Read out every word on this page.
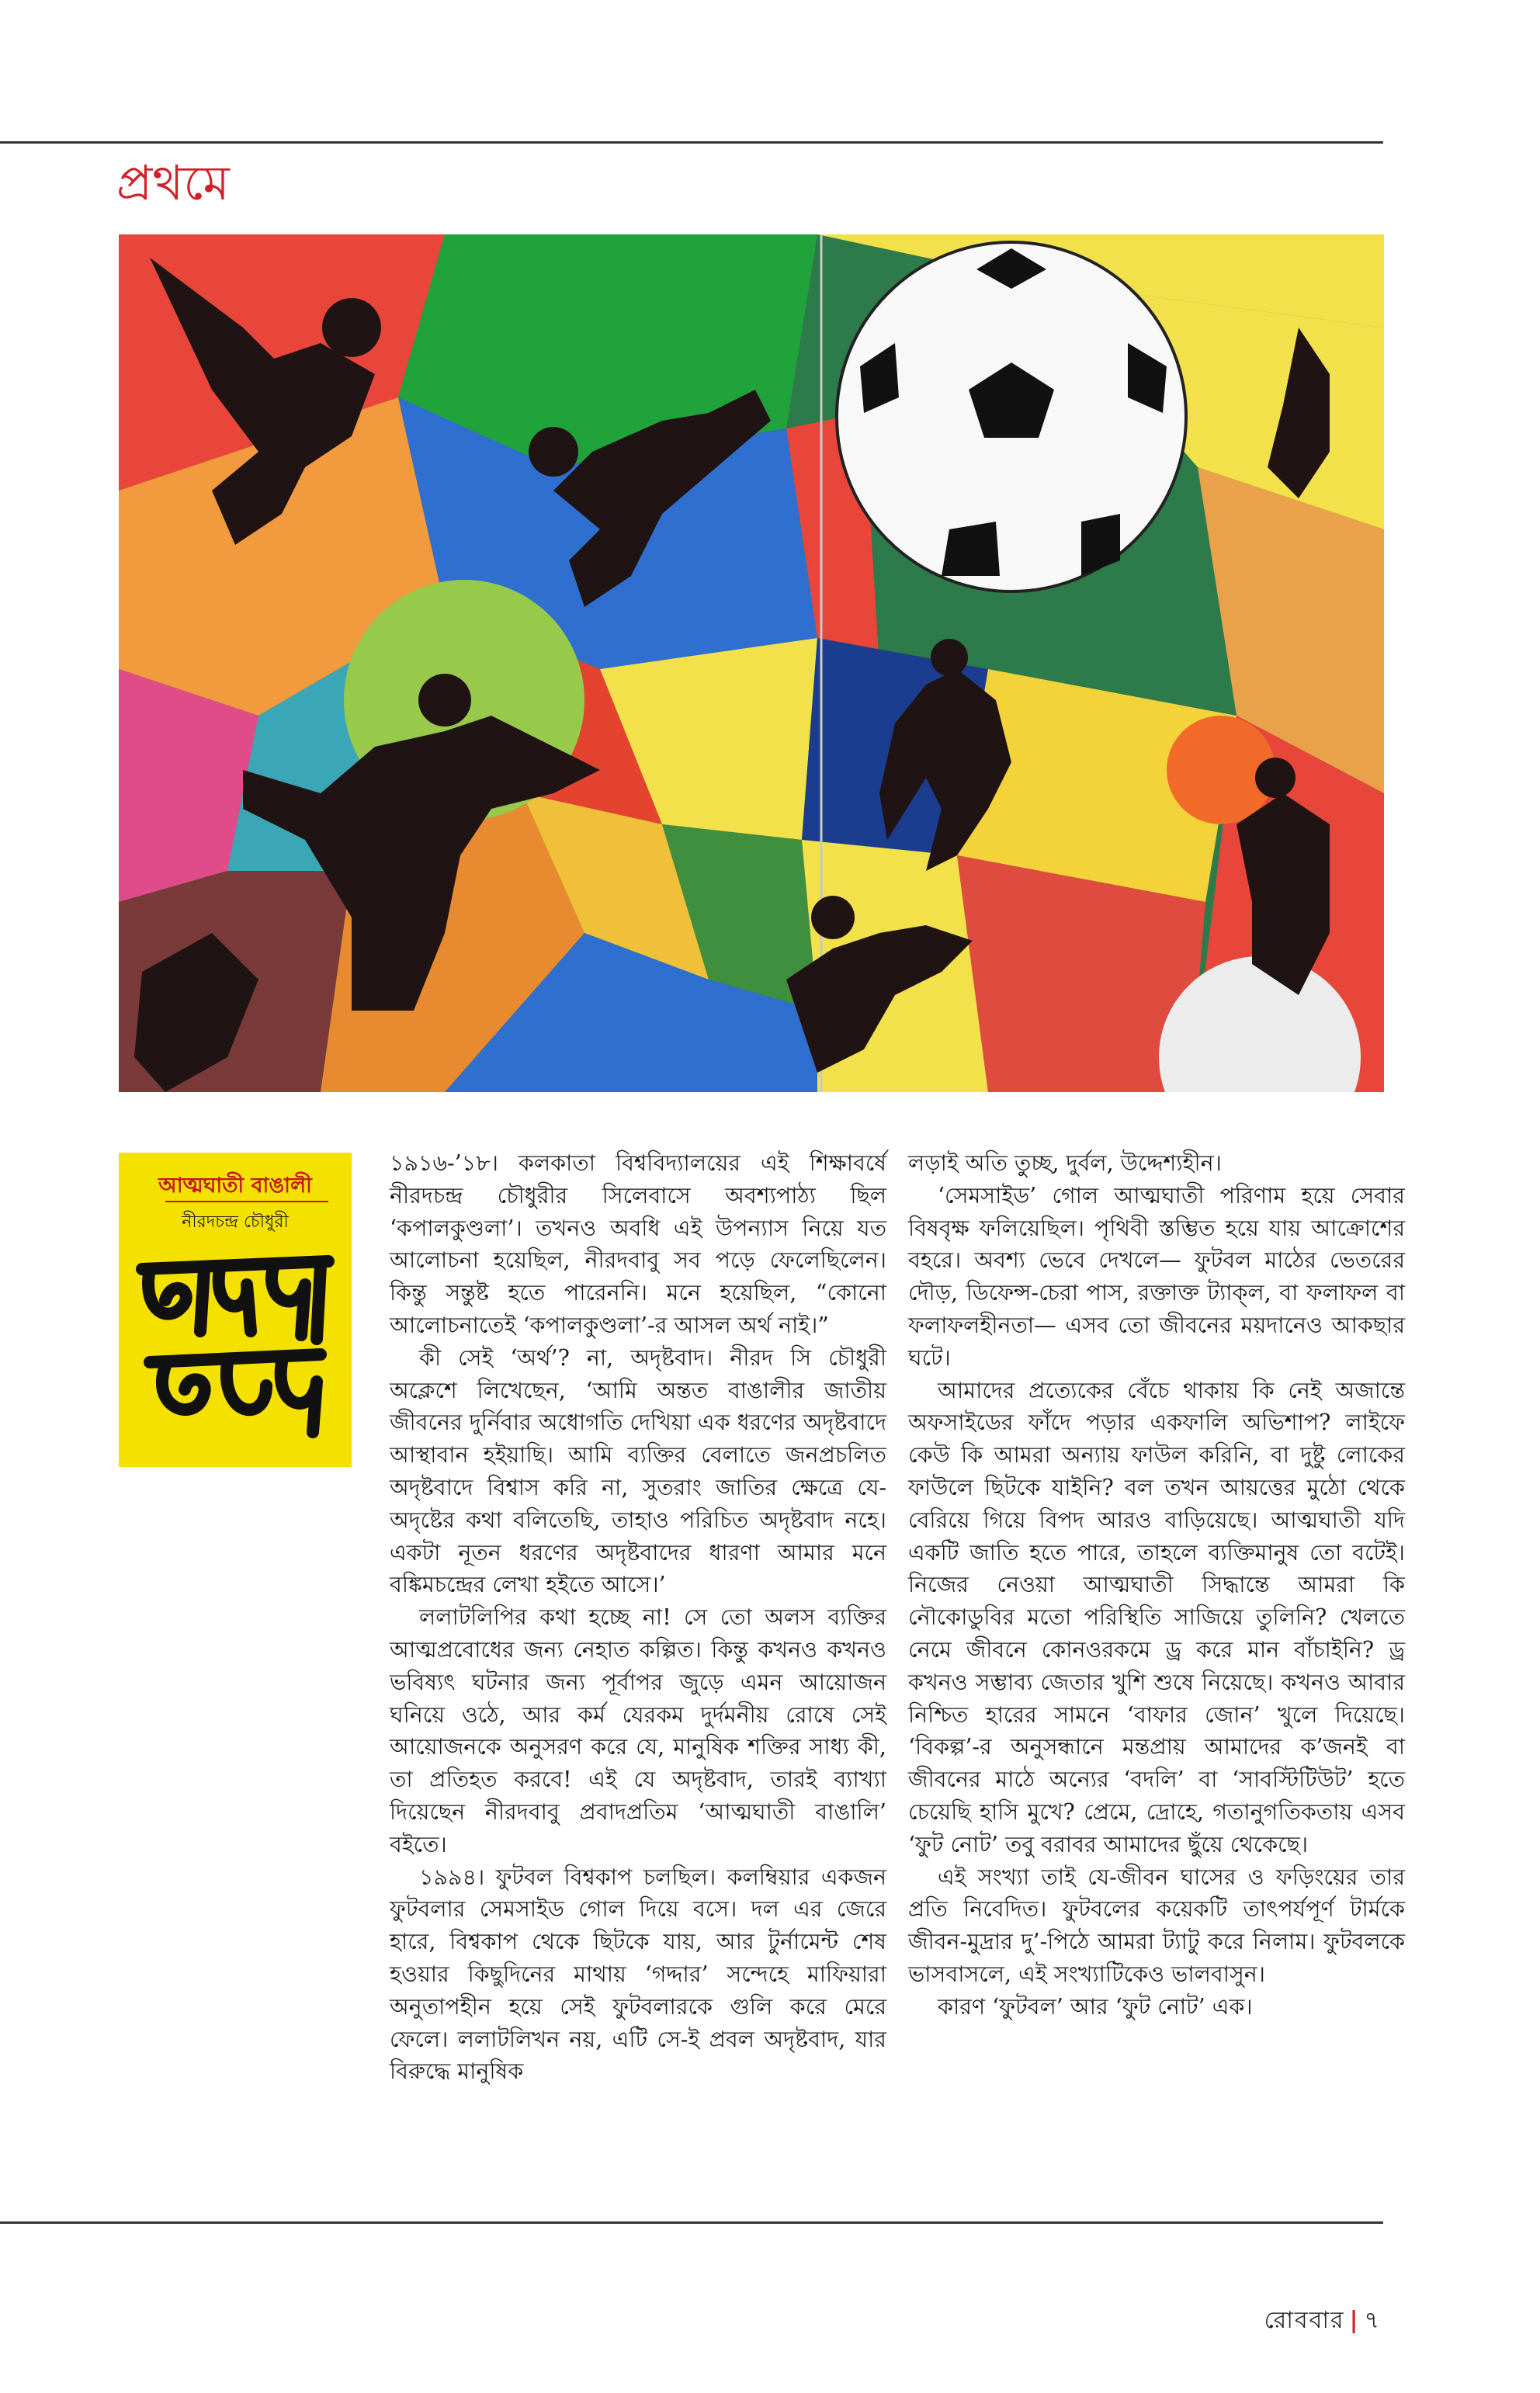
প্রথমে
আত্মঘাতী বাঙালী
নীরদচন্দ্র চৌধুরী

১৯১৬-’১৮। কলকাতা বিশ্ববিদ্যালয়ের এই শিক্ষাবর্ষে নীরদচন্দ্র চৌধুরীর সিলেবাসে অবশ্যপাঠ্য ছিল ‘কপালকুণ্ডলা’। তখনও অবধি এই উপন্যাস নিয়ে যত আলোচনা হয়েছিল, নীরদবাবু সব পড়ে ফেলেছিলেন। কিন্তু সন্তুষ্ট হতে পারেননি। মনে হয়েছিল, “কোনো আলোচনাতেই ‘কপালকুণ্ডলা’-র আসল অর্থ নাই।”

কী সেই ‘অর্থ’? না, অদৃষ্টবাদ। নীরদ সি চৌধুরী অক্লেশে লিখেছেন, ‘আমি অন্তত বাঙালীর জাতীয় জীবনের দুর্নিবার অধোগতি দেখিয়া এক ধরণের অদৃষ্টবাদে আস্থাবান হইয়াছি। আমি ব্যক্তির বেলাতে জনপ্রচলিত অদৃষ্টবাদে বিশ্বাস করি না, সুতরাং জাতির ক্ষেত্রে যে-অদৃষ্টের কথা বলিতেছি, তাহাও পরিচিত অদৃষ্টবাদ নহে। একটা নূতন ধরণের অদৃষ্টবাদের ধারণা আমার মনে বঙ্কিমচন্দ্রের লেখা হইতে আসে।’

ললাটলিপির কথা হচ্ছে না! সে তো অলস ব্যক্তির আত্মপ্রবোধের জন্য নেহাত কল্পিত। কিন্তু কখনও কখনও ভবিষ্যৎ ঘটনার জন্য পূর্বাপর জুড়ে এমন আয়োজন ঘনিয়ে ওঠে, আর কর্ম যেরকম দুর্দমনীয় রোষে সেই আয়োজনকে অনুসরণ করে যে, মানুষিক শক্তির সাধ্য কী, তা প্রতিহত করবে! এই যে অদৃষ্টবাদ, তারই ব্যাখ্যা দিয়েছেন নীরদবাবু প্রবাদপ্রতিম ‘আত্মঘাতী বাঙালি’ বইতে।

১৯৯৪। ফুটবল বিশ্বকাপ চলছিল। কলম্বিয়ার একজন ফুটবলার সেমসাইড গোল দিয়ে বসে। দল এর জেরে হারে, বিশ্বকাপ থেকে ছিটকে যায়, আর টুর্নামেন্ট শেষ হওয়ার কিছুদিনের মাথায় ‘গদ্দার’ সন্দেহে মাফিয়ারা অনুতাপহীন হয়ে সেই ফুটবলারকে গুলি করে মেরে ফেলে। ললাটলিখন নয়, এটি সে-ই প্রবল অদৃষ্টবাদ, যার বিরুদ্ধে মানুষিক

লড়াই অতি তুচ্ছ, দুর্বল, উদ্দেশ্যহীন।

‘সেমসাইড’ গোল আত্মঘাতী পরিণাম হয়ে সেবার বিষবৃক্ষ ফলিয়েছিল। পৃথিবী স্তম্ভিত হয়ে যায় আক্রোশের বহরে। অবশ্য ভেবে দেখলে— ফুটবল মাঠের ভেতরের দৌড়, ডিফেন্স-চেরা পাস, রক্তাক্ত ট্যাক্‌ল, বা ফলাফল বা ফলাফলহীনতা— এসব তো জীবনের ময়দানেও আকছার ঘটে।

আমাদের প্রত্যেকের বেঁচে থাকায় কি নেই অজান্তে অফসাইডের ফাঁদে পড়ার একফালি অভিশাপ? লাইফে কেউ কি আমরা অন্যায় ফাউল করিনি, বা দুষ্টু লোকের ফাউলে ছিটকে যাইনি? বল তখন আয়ত্তের মুঠো থেকে বেরিয়ে গিয়ে বিপদ আরও বাড়িয়েছে। আত্মঘাতী যদি একটি জাতি হতে পারে, তাহলে ব্যক্তিমানুষ তো বটেই। নিজের নেওয়া আত্মঘাতী সিদ্ধান্তে আমরা কি নৌকোডুবির মতো পরিস্থিতি সাজিয়ে তুলিনি? খেলতে নেমে জীবনে কোনওরকমে ড্র করে মান বাঁচাইনি? ড্র কখনও সম্ভাব্য জেতার খুশি শুষে নিয়েছে। কখনও আবার নিশ্চিত হারের সামনে ‘বাফার জোন’ খুলে দিয়েছে। ‘বিকল্প’-র অনুসন্ধানে মন্তপ্রায় আমাদের ক’জনই বা জীবনের মাঠে অন্যের ‘বদলি’ বা ‘সাবস্টিটিউট’ হতে চেয়েছি হাসি মুখে? প্রেমে, দ্রোহে, গতানুগতিকতায় এসব ‘ফুট নোট’ তবু বরাবর আমাদের ছুঁয়ে থেকেছে।

এই সংখ্যা তাই যে-জীবন ঘাসের ও ফড়িংয়ের তার প্রতি নিবেদিত। ফুটবলের কয়েকটি তাৎপর্যপূর্ণ টার্মকে জীবন-মুদ্রার দু’-পিঠে আমরা ট্যাটু করে নিলাম। ফুটবলকে ভাসবাসলে, এই সংখ্যাটিকেও ভালবাসুন।

কারণ ‘ফুটবল’ আর ‘ফুট নোট’ এক।

রোববার | ৭
